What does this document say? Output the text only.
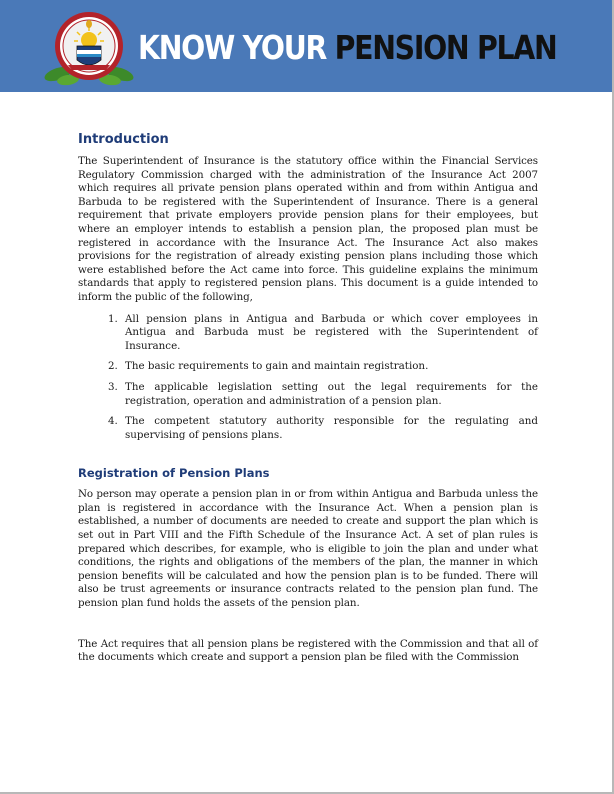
KNOW YOUR PENSION PLAN
Introduction

The Superintendent of Insurance is the statutory office within the Financial Services Regulatory Commission charged with the administration of the Insurance Act 2007 which requires all private pension plans operated within and from within Antigua and Barbuda to be registered with the Superintendent of Insurance. There is a general requirement that private employers provide pension plans for their employees, but where an employer intends to establish a pension plan, the proposed plan must be registered in accordance with the Insurance Act. The Insurance Act also makes provisions for the registration of already existing pension plans including those which were established before the Act came into force. This guideline explains the minimum standards that apply to registered pension plans. This document is a guide intended to inform the public of the following,

1. All pension plans in Antigua and Barbuda or which cover employees in Antigua and Barbuda must be registered with the Superintendent of Insurance.
2. The basic requirements to gain and maintain registration.
3. The applicable legislation setting out the legal requirements for the registration, operation and administration of a pension plan.
4. The competent statutory authority responsible for the regulating and supervising of pensions plans.
Registration of Pension Plans

No person may operate a pension plan in or from within Antigua and Barbuda unless the plan is registered in accordance with the Insurance Act. When a pension plan is established, a number of documents are needed to create and support the plan which is set out in Part VIII and the Fifth Schedule of the Insurance Act. A set of plan rules is prepared which describes, for example, who is eligible to join the plan and under what conditions, the rights and obligations of the members of the plan, the manner in which pension benefits will be calculated and how the pension plan is to be funded. There will also be trust agreements or insurance contracts related to the pension plan fund. The pension plan fund holds the assets of the pension plan.

The Act requires that all pension plans be registered with the Commission and that all of the documents which create and support a pension plan be filed with the Commission
